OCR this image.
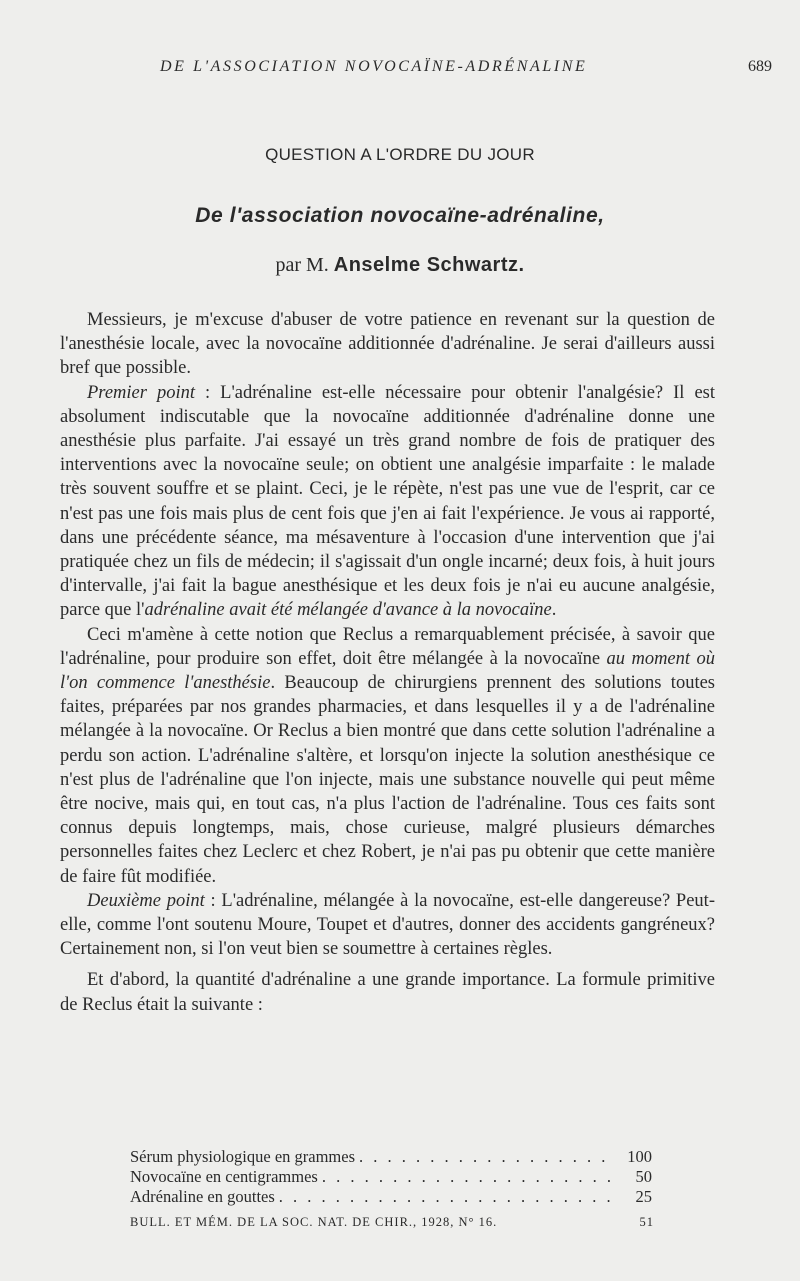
DE L'ASSOCIATION NOVOCAÏNE-ADRÉNALINE	689
QUESTION A L'ORDRE DU JOUR
De l'association novocaïne-adrénaline,
par M. Anselme Schwartz.

Messieurs, je m'excuse d'abuser de votre patience en revenant sur la question de l'anesthésie locale, avec la novocaïne additionnée d'adrénaline. Je serai d'ailleurs aussi bref que possible.

Premier point : L'adrénaline est-elle nécessaire pour obtenir l'analgésie? Il est absolument indiscutable que la novocaïne additionnée d'adrénaline donne une anesthésie plus parfaite. J'ai essayé un très grand nombre de fois de pratiquer des interventions avec la novocaïne seule; on obtient une analgésie imparfaite : le malade très souvent souffre et se plaint. Ceci, je le répète, n'est pas une vue de l'esprit, car ce n'est pas une fois mais plus de cent fois que j'en ai fait l'expérience. Je vous ai rapporté, dans une précédente séance, ma mésaventure à l'occasion d'une intervention que j'ai pratiquée chez un fils de médecin; il s'agissait d'un ongle incarné; deux fois, à huit jours d'intervalle, j'ai fait la bague anesthésique et les deux fois je n'ai eu aucune analgésie, parce que l'adrénaline avait été mélangée d'avance à la novocaïne.

Ceci m'amène à cette notion que Reclus a remarquablement précisée, à savoir que l'adrénaline, pour produire son effet, doit être mélangée à la novocaïne au moment où l'on commence l'anesthésie. Beaucoup de chirurgiens prennent des solutions toutes faites, préparées par nos grandes pharmacies, et dans lesquelles il y a de l'adrénaline mélangée à la novocaïne. Or Reclus a bien montré que dans cette solution l'adrénaline a perdu son action. L'adrénaline s'altère, et lorsqu'on injecte la solution anesthésique ce n'est plus de l'adrénaline que l'on injecte, mais une substance nouvelle qui peut même être nocive, mais qui, en tout cas, n'a plus l'action de l'adrénaline. Tous ces faits sont connus depuis longtemps, mais, chose curieuse, malgré plusieurs démarches personnelles faites chez Leclerc et chez Robert, je n'ai pas pu obtenir que cette manière de faire fût modifiée.

Deuxième point : L'adrénaline, mélangée à la novocaïne, est-elle dangereuse? Peut-elle, comme l'ont soutenu Moure, Toupet et d'autres, donner des accidents gangréneux? Certainement non, si l'on veut bien se soumettre à certaines règles.

Et d'abord, la quantité d'adrénaline a une grande importance. La formule primitive de Reclus était la suivante :

Sérum physiologique en grammes . . .	100
Novocaïne en centigrammes . . .	50
Adrénaline en gouttes . . .	25
BULL. ET MÉM. DE LA SOC. NAT. DE CHIR., 1928, N° 16.	51
